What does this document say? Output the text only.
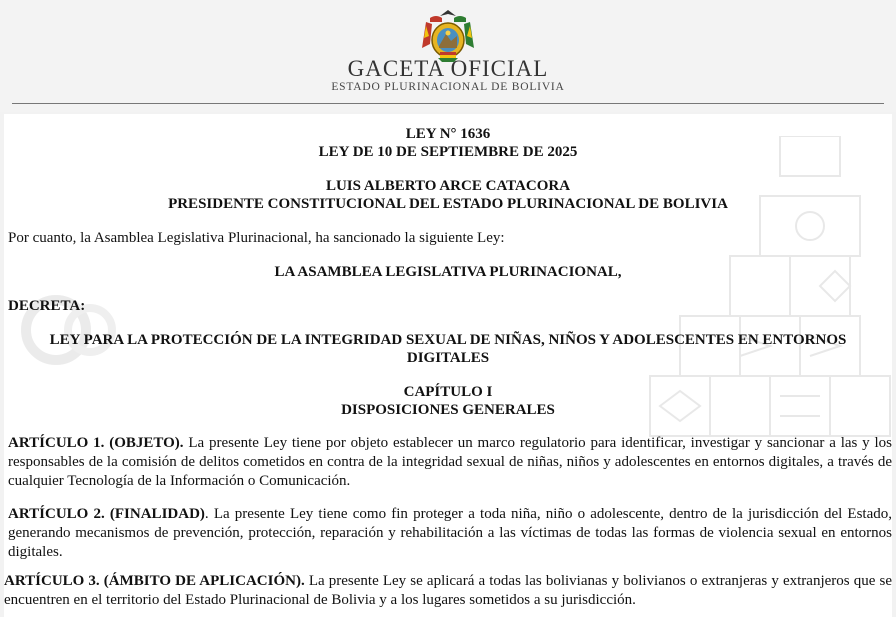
GACETA OFICIAL
ESTADO PLURINACIONAL DE BOLIVIA
LEY N° 1636
LEY DE 10 DE SEPTIEMBRE DE 2025
LUIS ALBERTO ARCE CATACORA
PRESIDENTE CONSTITUCIONAL DEL ESTADO PLURINACIONAL DE BOLIVIA
Por cuanto, la Asamblea Legislativa Plurinacional, ha sancionado la siguiente Ley:
LA ASAMBLEA LEGISLATIVA PLURINACIONAL,
DECRETA:
LEY PARA LA PROTECCIÓN DE LA INTEGRIDAD SEXUAL DE NIÑAS, NIÑOS Y ADOLESCENTES EN ENTORNOS
DIGITALES
CAPÍTULO I
DISPOSICIONES GENERALES
ARTÍCULO 1. (OBJETO). La presente Ley tiene por objeto establecer un marco regulatorio para identificar, investigar y sancionar a las y los responsables de la comisión de delitos cometidos en contra de la integridad sexual de niñas, niños y adolescentes en entornos digitales, a través de cualquier Tecnología de la Información o Comunicación.
ARTÍCULO 2. (FINALIDAD). La presente Ley tiene como fin proteger a toda niña, niño o adolescente, dentro de la jurisdicción del Estado, generando mecanismos de prevención, protección, reparación y rehabilitación a las víctimas de todas las formas de violencia sexual en entornos digitales.
ARTÍCULO 3. (ÁMBITO DE APLICACIÓN). La presente Ley se aplicará a todas las bolivianas y bolivianos o extranjeras y extranjeros que se encuentren en el territorio del Estado Plurinacional de Bolivia y a los lugares sometidos a su jurisdicción.
